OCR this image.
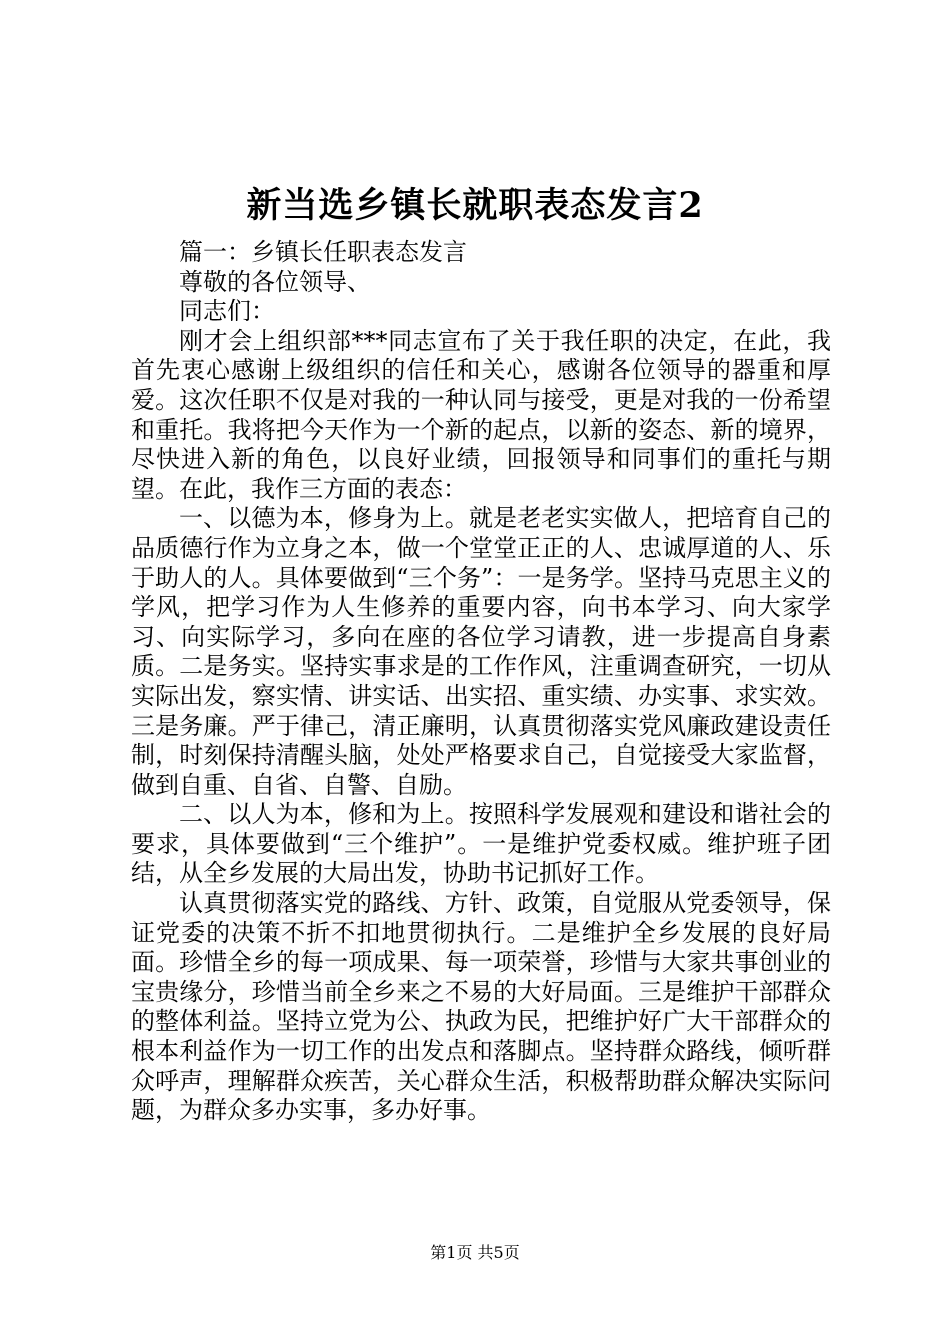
新当选乡镇长就职表态发言2

篇一：乡镇长任职表态发言

尊敬的各位领导、

同志们：

刚才会上组织部***同志宣布了关于我任职的决定，在此，我首先衷心感谢上级组织的信任和关心，感谢各位领导的器重和厚爱。这次任职不仅是对我的一种认同与接受，更是对我的一份希望和重托。我将把今天作为一个新的起点，以新的姿态、新的境界，尽快进入新的角色，以良好业绩，回报领导和同事们的重托与期望。在此，我作三方面的表态：

一、以德为本，修身为上。就是老老实实做人，把培育自己的品质德行作为立身之本，做一个堂堂正正的人、忠诚厚道的人、乐于助人的人。具体要做到“三个务”：一是务学。坚持马克思主义的学风，把学习作为人生修养的重要内容，向书本学习、向大家学习、向实际学习，多向在座的各位学习请教，进一步提高自身素质。二是务实。坚持实事求是的工作作风，注重调查研究，一切从实际出发，察实情、讲实话、出实招、重实绩、办实事、求实效。三是务廉。严于律己，清正廉明，认真贯彻落实党风廉政建设责任制，时刻保持清醒头脑，处处严格要求自己，自觉接受大家监督，做到自重、自省、自警、自励。

二、以人为本，修和为上。按照科学发展观和建设和谐社会的要求，具体要做到“三个维护”。一是维护党委权威。维护班子团结，从全乡发展的大局出发，协助书记抓好工作。

认真贯彻落实党的路线、方针、政策，自觉服从党委领导，保证党委的决策不折不扣地贯彻执行。二是维护全乡发展的良好局面。珍惜全乡的每一项成果、每一项荣誉，珍惜与大家共事创业的宝贵缘分，珍惜当前全乡来之不易的大好局面。三是维护干部群众的整体利益。坚持立党为公、执政为民，把维护好广大干部群众的根本利益作为一切工作的出发点和落脚点。坚持群众路线，倾听群众呼声，理解群众疾苦，关心群众生活，积极帮助群众解决实际问题，为群众多办实事，多办好事。

第1页 共5页
